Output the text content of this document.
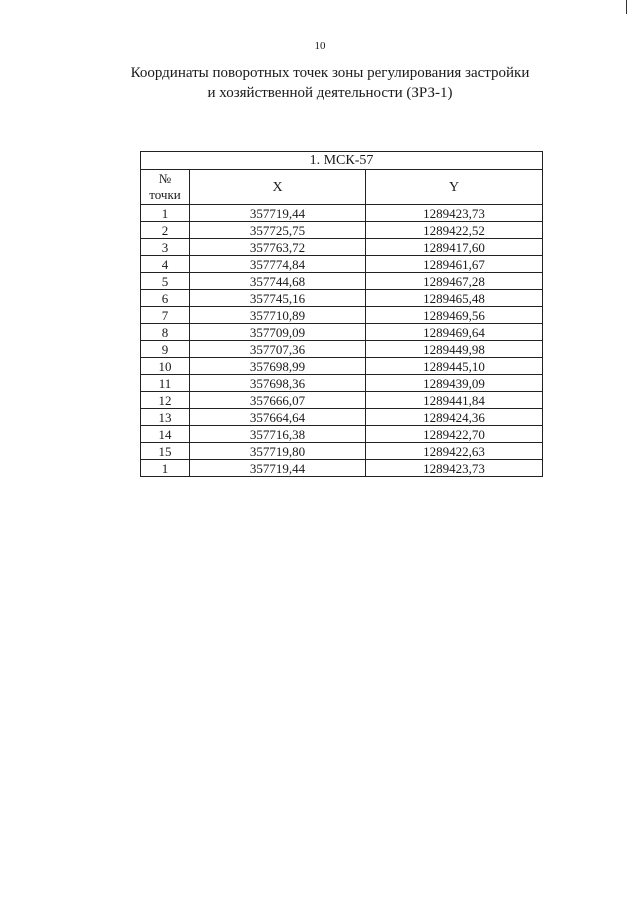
10
Координаты поворотных точек зоны регулирования застройки
и хозяйственной деятельности (ЗРЗ-1)
1. МСК-57		
№
точки	X	Y
1	357719,44	1289423,73
2	357725,75	1289422,52
3	357763,72	1289417,60
4	357774,84	1289461,67
5	357744,68	1289467,28
6	357745,16	1289465,48
7	357710,89	1289469,56
8	357709,09	1289469,64
9	357707,36	1289449,98
10	357698,99	1289445,10
11	357698,36	1289439,09
12	357666,07	1289441,84
13	357664,64	1289424,36
14	357716,38	1289422,70
15	357719,80	1289422,63
1	357719,44	1289423,73
